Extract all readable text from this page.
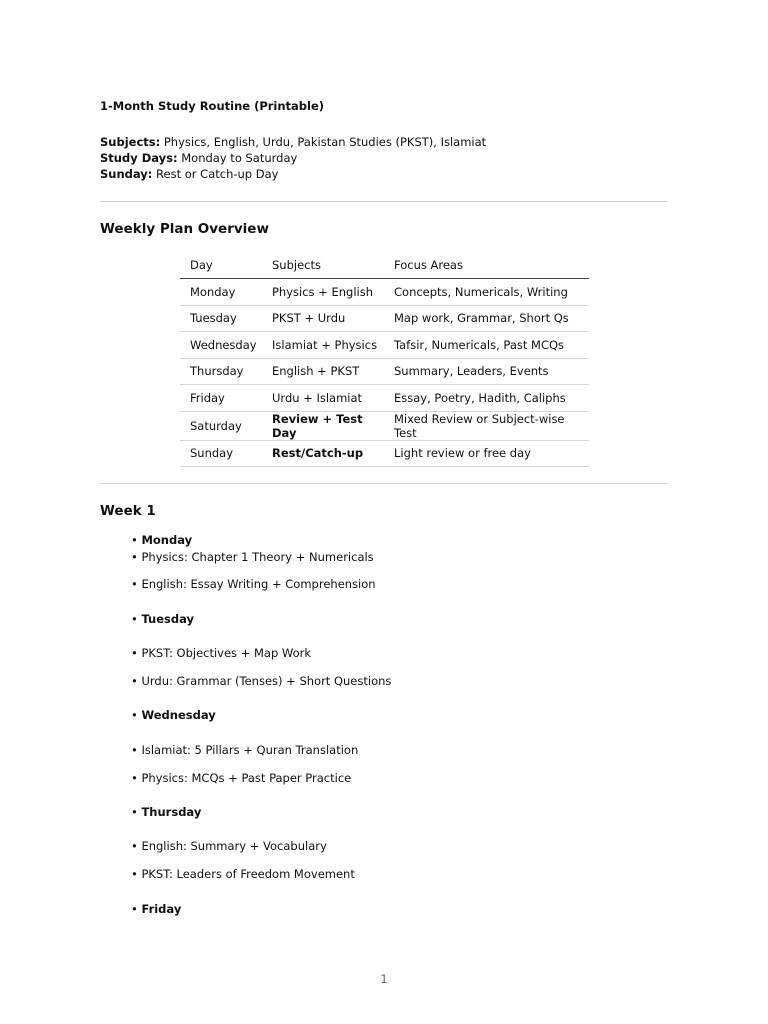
1-Month Study Routine (Printable)
Subjects: Physics, English, Urdu, Pakistan Studies (PKST), Islamiat
Study Days: Monday to Saturday
Sunday: Rest or Catch-up Day
Weekly Plan Overview
Day	Subjects	Focus Areas
Monday	Physics + English	Concepts, Numericals, Writing
Tuesday	PKST + Urdu	Map work, Grammar, Short Qs
Wednesday	Islamiat + Physics	Tafsir, Numericals, Past MCQs
Thursday	English + PKST	Summary, Leaders, Events
Friday	Urdu + Islamiat	Essay, Poetry, Hadith, Caliphs
Saturday	Review + Test Day	Mixed Review or Subject-wise Test
Sunday	Rest/Catch-up	Light review or free day
Week 1
• Monday
• Physics: Chapter 1 Theory + Numericals
• English: Essay Writing + Comprehension
• Tuesday
• PKST: Objectives + Map Work
• Urdu: Grammar (Tenses) + Short Questions
• Wednesday
• Islamiat: 5 Pillars + Quran Translation
• Physics: MCQs + Past Paper Practice
• Thursday
• English: Summary + Vocabulary
• PKST: Leaders of Freedom Movement
• Friday
1
